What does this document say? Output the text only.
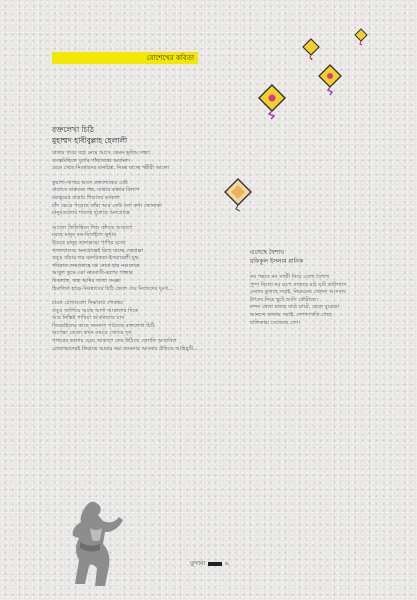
বোশেখের কবিতা
রক্তলেখা চিঠি
মুহাম্মদ হাবীবুল্লাহ হেলালী
ঢাকায় গাঙা বহে নেমে আসে কেমন ভূতিম সন্ধ্যা
বসন্তমিছিলে দুর্গের গাঁজাতন্ত্রা আর্তনাদ
যেমে গেছে নিঃশ্বাসের মানচিত্র, নিঃস্ব যাচ্ছে শরীরী আলো
কুয়াশা-সাগরে ভাসে রক্তশোকের ঢেউ
বাতাসে বারুদের গন্ধ, তারায় কান্নার বিলাপ
মরুভূমের যাত্রায় শিশুদের কংকাল
চাঁদ ভেঙে পড়েছে তাঁরা আর কেউ বলা কথা জোনাকা
মানুষগুলোর শবদেহ দুলেছে অন্যপ্রান্তে
আজো ফিলিস্তিনে শিশু কাঁদছে আকাশে
মরছে মানুষ বক-মিসাইলে ক্ষুধায়
উড়ছে মানুষ ডানাভাঙা পাখির মতো
গাজাবাসের অন্যপ্রান্তেই মিশে যাচ্ছে দেহপ্রভা
তবুও বাঁচার দায় মানবিকতা-ইসরায়েলী যুদ্ধ
গবিরাত জনপ্রবাহে মগ্ন দোরা হায় নগুদোরা
আবুল তুমে এরা নামবাসী-রূপের গান্ধার
বিকলাঙ্গ, অন্ধ ধ্বনির তালা সংজ্ঞা
হিমালিত হাড়ে-নিঃশ্বাসের চিঠি ফেলে দেয় নিজেদের দুঃখ...
চারক চোখগুলো নিভাবার শোকশ্বর
তবুও জাগিয়ে আছে আশা আকাশের দিকে
আর নিস্তিষ্ট পাষিয়া আর্তনাদের ঘাস
জিবরাইলের কাছে জননাগ পাঠাচ্ছে রক্তলেখা চিঠি
অপেক্ষা কেবল কখন নামবে খোদার দূত
পাথরের ভালার চেয়ে আকাশে ফের উঠিতে জ্যোতি আবাবিল
প্রেতাত্মাদেরই ফিরাতে আমার নয়া জমানার আবদায় উদিতে আহিয়ুটি...
এসেছে বৈশাখ
রফিকুল ইসলাম মানিক
নব পল্লবে নব সাজী নিয়ে এলো বৈশাখ
পুষ্প নিলো নব রূপে সাজছে মাঠ ঘাট ডালিগাস
মেলার ঝুলছে সবাই, নিয়মনের খেলনা আসবাব
উৎসব নিয়ে ছুটে আসি কৌটাতে।
নন্দন খেলা চলছে মাঠে ঘাটে, ছেলে বুড়োরা
আনন্দে জানায় সবাই, দেশগণগতি গেছে
বালিকারা সেজেছে বেশ।
তুন্দানা	৬
